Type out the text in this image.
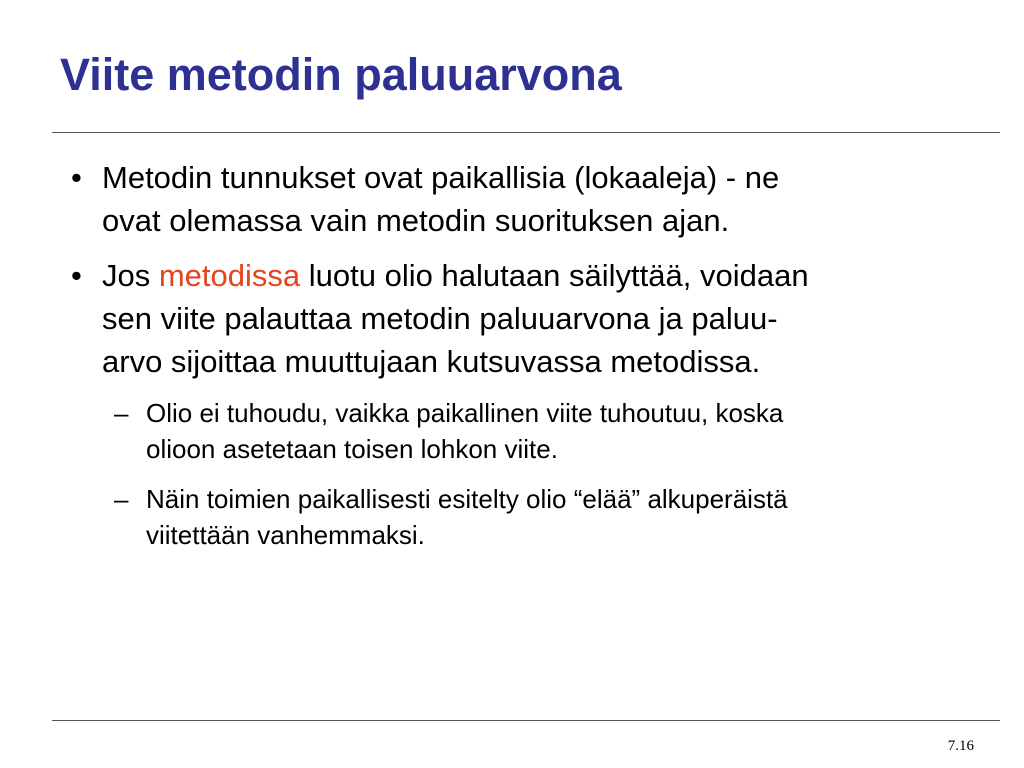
Viite metodin paluuarvona
• Metodin tunnukset ovat paikallisia (lokaaleja) - ne
ovat olemassa vain metodin suorituksen ajan.
• Jos metodissa luotu olio halutaan säilyttää, voidaan
sen viite palauttaa metodin paluuarvona ja paluu-
arvo sijoittaa muuttujaan kutsuvassa metodissa.
– Olio ei tuhoudu, vaikka paikallinen viite tuhoutuu, koska
olioon asetetaan toisen lohkon viite.
– Näin toimien paikallisesti esitelty olio “elää” alkuperäistä
viitettään vanhemmaksi.
7.16
